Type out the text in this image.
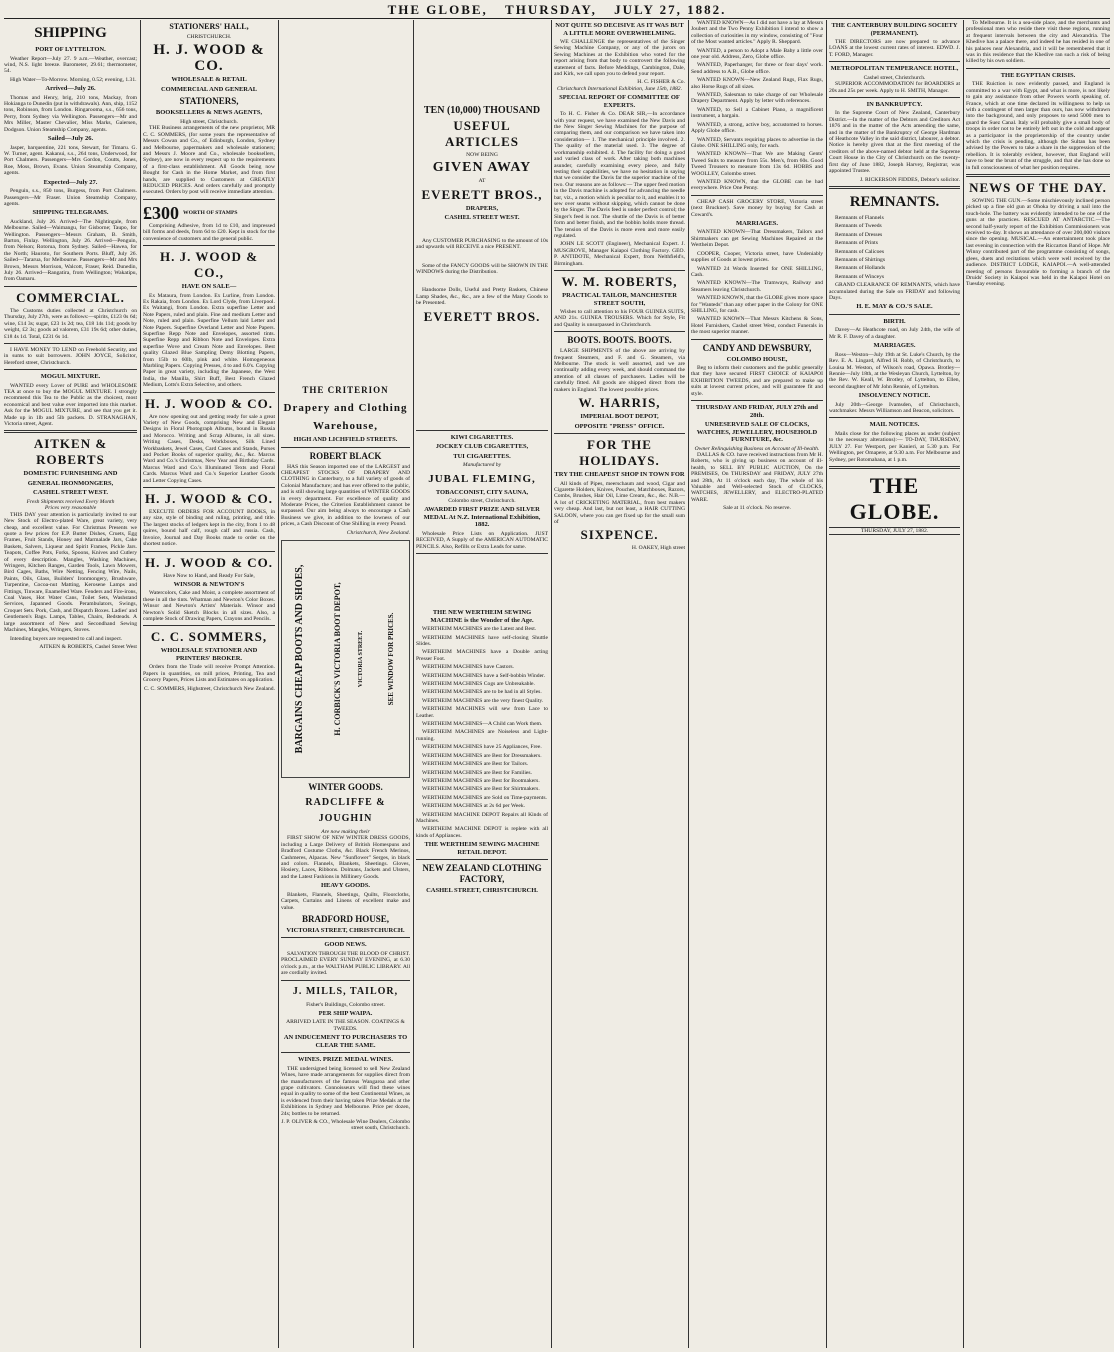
THE GLOBE, THURSDAY, JULY 27, 1882.
SHIPPING
PORT OF LYTTELTON.

Weather Report—July 27. 9 a.m.—Weather, overcast; wind, N.S. light breeze. Barometer, 29.61; thermometer, 54.

High Water—To-Morrow. Morning, 0.52; evening, 1.31.

Arrived—July 26.

Thomas and Henry, brig, 210 tons, Mackay, from Hokianga to Dunedin (put in withdrawals). Ann, ship, 1152 tons, Robinson, from London. Ringarooma, s.s., 656 tons, Perry, from Sydney via Wellington. Passengers—Mr and Mrs Miller, Master Chevalier, Miss Marks, Gaiersen, Dodgson. Union Steamship Company, agents.

Sailed—July 26.

Jasper, barquentine, 221 tons, Stewart, for Timaru. G. W. Turner, agent. Kakanui, s.s., 264 tons, Underwood, for Port Chalmers. Passengers—Mrs Gordon, Coutts, Jones, Roe, Moss, Brown, Evans. Union Steamship Company, agents.

Expected—July 27.

Penguin, s.s., 850 tons, Burgess, from Port Chalmers. Passengers—Mr Fraser. Union Steamship Company, agents.

SHIPPING TELEGRAMS.

Auckland, July 26. Arrived—The Nightingale, from Melbourne. Sailed—Waimangu, for Gisborne; Taupo, for Wellington. Passengers—Messrs Graham, B. Smith, Barton, Finlay. Wellington, July 26. Arrived—Penguin, from Nelson; Rotorua, from Sydney. Sailed—Hawea, for the North; Hauroto, for Southern Ports. Bluff, July 26. Sailed—Tararua, for Melbourne. Passengers—Mr and Mrs Brown, Messrs Morrison, Walcott, Fraser, Reid. Dunedin, July 26. Arrived—Rangatira, from Wellington; Wakatipu, from Oamaru.

COMMERCIAL.

The Customs duties collected at Christchurch on Thursday, July 27th, were as follows:—spirits, £123 0s 6d; wine, £14 3s; sugar, £23 1s 2d; tea, £18 14s 11d; goods by weight, £2 3s; goods ad valorem, £31 19s 6d; other duties, £18 4s 1d. Total, £231 6s 1d.

I HAVE MONEY TO LEND on Freehold Security, and in sums to suit borrowers. JOHN JOYCE, Solicitor, Hereford street, Christchurch.

MOGUL MIXTURE.

WANTED every Lover of PURE and WHOLESOME TEA at once to buy the MOGUL MIXTURE. I strongly recommend this Tea to the Public as the choicest, most economical and best value ever imported into this market. Ask for the MOGUL MIXTURE, and see that you get it. Made up in 1lb and 5lb packets. D. STRANAGHAN, Victoria street, Agent.

AITKEN & ROBERTS
DOMESTIC FURNISHING AND
GENERAL IRONMONGERS,
CASHEL STREET WEST.
Fresh Shipments received Every Month
Prices very reasonable

THIS DAY your attention is particularly invited to our New Stock of Electro-plated Ware, great variety, very cheap, and excellent value. For Christmas Presents we quote a few prices for E.P. Butter Dishes, Cruets, Egg Frames, Fruit Stands, Honey and Marmalade Jars, Cake Baskets, Salvers, Liqueur and Spirit Frames, Pickle Jars. Teapots, Coffee Pots, Forks, Spoons, Knives and Cutlery of every description. Mangles, Washing Machines, Wringers, Kitchen Ranges, Garden Tools, Lawn Mowers, Bird Cages, Baths, Wire Netting, Fencing Wire, Nails, Paints, Oils, Glass, Builders' Ironmongery, Brushware, Turpentine, Cocoa-nut Matting, Kerosene Lamps and Fittings, Tinware, Enamelled Ware. Fenders and Fire-irons, Coal Vases, Hot Water Cans, Toilet Sets, Washstand Services, Japanned Goods. Perambulators, Swings, Croquet Sets. Pork, Cash, and Dispatch Boxes. Ladies' and Gentlemen's Bags. Lamps, Tables, Chairs, Bedsteads. A large assortment of New and Secondhand Sewing Machines, Mangles, Wringers, Stoves.

Intending buyers are requested to call and inspect.

AITKEN & ROBERTS, Cashel Street West
STATIONERS' HALL,
CHRISTCHURCH.
H. J. WOOD & CO.
WHOLESALE & RETAIL
COMMERCIAL AND GENERAL
STATIONERS,
BOOKSELLERS & NEWS AGENTS,
High street, Christchurch.

THE Business arrangements of the new proprietor, MR C. C. SOMMERS, (for some years the representative of Messrs Cowan and Co., of Edinburgh, London, Sydney and Melbourne, papermakers and wholesale stationers; and Messrs J. Moore and Co., wholesale booksellers, Sydney), are now in every respect up to the requirements of a first-class establishment. All Goods being now Bought for Cash in the Home Market, and from first hands, are supplied to Customers at GREATLY REDUCED PRICES. And orders carefully and promptly executed. Orders by post will receive immediate attention.

£300 WORTH OF STAMPS

Comprising Adhesive, from 1d to £10, and impressed bill forms and deeds, from 6d to £20. Kept in stock for the convenience of customers and the general public.

H. J. WOOD & CO.,
HAVE ON SALE—

Ex Mataura, from London. Ex Lurline, from London. Ex Rakaia, from London. Ex Lord Clyde, from Liverpool. Ex Waitangi, from London. Extra superfine Letter and Note Papers, ruled and plain. Fine and medium Letter and Note, ruled and plain. Superfine Vellum laid Letter and Note Papers. Superfine Overland Letter and Note Papers. Superfine Repp Note and Envelopes, assorted tints. Superfine Repp and Ribbon Note and Envelopes. Extra superfine Wove and Cream Note and Envelopes. Best quality Glazed Blue Sampling Demy Blotting Papers, from 15lb to 60lb, pink and white. Homogeneous Marbling Papers. Copying Presses, 4 to and 6.0's. Copying Paper in great variety, including the Japanese, the West India, the Manilla, Shirt Buff, Best French Glazed Medium, Lotts's Extra Selective, and others.

H. J. WOOD & CO.

Are now opening out and getting ready for sale a great Variety of New Goods, comprising New and Elegant Designs in Floral Photograph Albums, bound in Russia and Morocco. Writing and Scrap Albums, in all sizes. Writing Cases, Desks, Workboxes, Silk Lined Workbaskets, Jewel Cases, Card Cases and Stands, Purses and Pocket Books of superior quality, &c., &c. Marcus Ward and Co.'s Christmas, New Year and Birthday Cards. Marcus Ward and Co.'s Illuminated Texts and Floral Cards. Marcus Ward and Co.'s Superior Leather Goods and Letter Copying Cases.

H. J. WOOD & CO.

EXECUTE ORDERS FOR ACCOUNT BOOKS, in any size, style of binding and ruling, printing, and title. The largest stocks of ledgers kept in the city, from 1 to 48 quires, bound half calf, rough calf and russia. Cash, Invoice, Journal and Day Books made to order on the shortest notice.

H. J. WOOD & CO.
Have Now to Hand, and Ready For Sale,
WINSOR & NEWTON'S

Watercolors, Cake and Moist, a complete assortment of these in all the tints. Whatman and Newton's Color Boxes. Winsor and Newton's Artists' Materials. Winsor and Newton's Solid Sketch Blocks in all sizes. Also, a complete Stock of Drawing Papers, Crayons and Pencils.

C. C. SOMMERS,
WHOLESALE STATIONER AND PRINTERS' BROKER.

Orders from the Trade will receive Prompt Attention. Papers in quantities, on mill prices, Printing, Tea and Grocery Papers, Prices Lists and Estimates on application.

C. C. SOMMERS, Highstreet, Christchurch New Zealand.
THE CRITERION
Drapery and Clothing
Warehouse,
HIGH AND LICHFIELD STREETS.
ROBERT BLACK

HAS this Season imported one of the LARGEST and CHEAPEST STOCKS OF DRAPERY AND CLOTHING in Canterbury, to a full variety of goods of Colonial Manufacture; and has ever offered to the public, and is still showing large quantities of WINTER GOODS in every department. For excellence of quality and Moderate Prices, the Criterion Establishment cannot be surpassed. Our aim being always to encourage a Cash Business we give, in addition to the lowness of our prices, a Cash Discount of One Shilling in every Pound.

Christchurch, New Zealand.
BARGAINS CHEAP BOOTS AND SHOES,	H. CORBICK'S VICTORIA BOOT DEPOT,	VICTORIA STREET.	SEE WINDOW FOR PRICES.
WINTER GOODS.
RADCLIFFE & JOUGHIN
Are now making their

FIRST SHOW OF NEW WINTER DRESS GOODS, including a Large Delivery of British Homespuns and Bradford Costume Cloths, &c. Black French Merinos, Cashmeres, Alpacas. New "Sunflower" Serges, in black and colors. Flannels, Blankets, Sheetings. Gloves, Hosiery, Laces, Ribbons. Dolmans, Jackets and Ulsters, and the Latest Fashions in Millinery Goods.

HEAVY GOODS.

Blankets, Flannels, Sheetings, Quilts, Floorcloths, Carpets, Curtains and Linens of excellent make and value.

BRADFORD HOUSE,
VICTORIA STREET, CHRISTCHURCH.
GOOD NEWS.

SALVATION THROUGH THE BLOOD OF CHRIST. PROCLAIMED EVERY SUNDAY EVENING, at 6.30 o'clock p.m., at the WALTHAM PUBLIC LIBRARY. All are cordially invited.

J. MILLS, TAILOR,
Fisher's Buildings, Colombo street.
PER SHIP WAIPA.
ARRIVED LATE IN THE SEASON. COATINGS & TWEEDS.
AN INDUCEMENT TO PURCHASERS TO CLEAR THE SAME.
WINES. PRIZE MEDAL WINES.

THE undersigned being licensed to sell New Zealand Wines, have made arrangements for supplies direct from the manufacturers of the famous Wangaroa and other grape cultivators. Connoisseurs will find these wines equal in quality to some of the best Continental Wines, as is evidenced from their having taken Prize Medals at the Exhibitions in Sydney and Melbourne. Price per dozen, 24s; bottles to be returned.

J. P. OLIVER & CO., Wholesale Wine Dealers, Colombo street south, Christchurch.
TEN (10,000) THOUSAND
USEFUL ARTICLES
NOW BEING
GIVEN AWAY
AT
EVERETT BROS.,
DRAPERS,
CASHEL STREET WEST.

Any CUSTOMER PURCHASING to the amount of 10s and upwards will RECEIVE a nice PRESENT.

Some of the FANCY GOODS will be SHOWN IN THE WINDOWS during the Distribution.

Handsome Dolls, Useful and Pretty Baskets, Chinese Lamp Shades, &c., &c., are a few of the Many Goods to be Presented.

EVERETT BROS.
KIWI CIGARETTES.
JOCKEY CLUB CIGARETTES,
TUI CIGARETTES.
Manufactured by
JUBAL FLEMING,
TOBACCONIST, CITY SAUNA,
Colombo street, Christchurch.
AWARDED FIRST PRIZE AND SILVER MEDAL At N.Z. International Exhibition, 1882.

Wholesale Price Lists on Application. JUST RECEIVED, A Supply of the AMERICAN AUTOMATIC PENCILS. Also, Refills or Extra Leads for same.

THE NEW WERTHEIM SEWING MACHINE is the Wonder of the Age.

WERTHEIM MACHINES are the Latest and Best.

WERTHEIM MACHINES have self-closing Shuttle Slides.

WERTHEIM MACHINES have a Double acting Presser Foot.

WERTHEIM MACHINES have Castors.

WERTHEIM MACHINES have a Self-bobbin Winder.

WERTHEIM MACHINES Cogs are Unbreakable.

WERTHEIM MACHINES are to be had in all Styles.

WERTHEIM MACHINES are the very finest Quality.

WERTHEIM MACHINES will sew from Lace to Leather.

WERTHEIM MACHINES—A Child can Work them.

WERTHEIM MACHINES are Noiseless and Light-running.

WERTHEIM MACHINES have 25 Appliances, Free.

WERTHEIM MACHINES are Best for Dressmakers.

WERTHEIM MACHINES are Best for Tailors.

WERTHEIM MACHINES are Best for Families.

WERTHEIM MACHINES are Best for Bootmakers.

WERTHEIM MACHINES are Best for Shirtmakers.

WERTHEIM MACHINES are Sold on Time-payments.

WERTHEIM MACHINES at 2s 6d per Week.

WERTHEIM MACHINE DEPOT Repairs all Kinds of Machines.

WERTHEIM MACHINE DEPOT is replete with all kinds of Appliances.

THE WERTHEIM SEWING MACHINE RETAIL DEPOT.
NEW ZEALAND CLOTHING FACTORY,
CASHEL STREET, CHRISTCHURCH.
NOT QUITE SO DECISIVE AS IT WAS BUT A LITTLE MORE OVERWHELMING.

WE CHALLENGE the representatives of the Singer Sewing Machine Company, or any of the jurors on Sewing Machines at the Exhibition who voted for the report arising from that body to controvert the following statement of facts. Before Meddings, Cambington, Dale, and Kirk, we call upon you to defend your report.

H. C. FISHER & Co.
Christchurch International Exhibition, June 15th, 1882.
SPECIAL REPORT OF COMMITTEE OF EXPERTS.

To H. C. Fisher & Co. DEAR SIR,—In accordance with your request, we have examined the New Davis and the New Singer Sewing Machines for the purpose of comparing them, and our comparison we have taken into consideration— 1. The mechanical principle involved. 2. The quality of the material used. 3. The degree of workmanship exhibited. 4. The facility for doing a good and varied class of work. After taking both machines asunder, carefully examining every piece, and fully testing their capabilities, we have no hesitation in saying that we consider the Davis far the superior machine of the two. Our reasons are as follows:— The upper feed motion in the Davis machine is adopted for advancing the needle bar, viz., a motion which is peculiar to it, and enables it to sew over seams without skipping, which cannot be done by the Singer. The Davis feed is under perfect control; the Singer's feed is not. The shuttle of the Davis is of better form and better finish, and the bobbin holds more thread. The tension of the Davis is more even and more easily regulated.

JOHN LE SCOTT (Engineer), Mechanical Expert. J. MUSGROVE, Manager Kaiapoi Clothing Factory. GEO. P. ANTIDOTE, Mechanical Expert, from Nelthfield's, Birmingham.

W. M. ROBERTS,
PRACTICAL TAILOR, MANCHESTER STREET SOUTH,

Wishes to call attention to his FOUR GUINEA SUITS, AND 21s. GUINEA TROUSERS. Which for Style, Fit and Quality is unsurpassed in Christchurch.

BOOTS. BOOTS. BOOTS.

LARGE SHIPMENTS of the above are arriving by frequent Steamers, and F. and G. Steamers, via Melbourne. The stock is well assorted, and we are continually adding every week, and should command the attention of all classes of purchasers. Ladies will be carefully fitted. All goods are shipped direct from the makers in England. The lowest possible prices.

W. HARRIS,
IMPERIAL BOOT DEPOT,
OPPOSITE "PRESS" OFFICE.
FOR THE HOLIDAYS.
TRY THE CHEAPEST SHOP IN TOWN FOR

All kinds of Pipes, meerschaum and wood, Cigar and Cigarette Holders, Knives, Pouches, Matchboxes, Razors, Combs, Brushes, Hair Oil, Lime Cream, &c., &c. N.B.—A lot of CRICKETING MATERIAL, from best makers very cheap. And last, but not least, a HAIR CUTTING SALOON, where you can get fixed up for the small sum of

SIXPENCE.
H. OAKEY, High street

WANTED KNOWN—As I did not have a lay at Messrs Joubert and the Two Penny Exhibition I intend to show a collection of curiosities in my window, consisting of "Four of the Most wanted articles." Apply R. Sheppard.

WANTED, a person to Adopt a Male Baby a little over one year old. Address, Zero, Globe office.

WANTED, Paperhanger, for three or four days' work. Send address to A.B., Globe office.

WANTED KNOWN—New Zealand Rugs, Flax Rugs, also Horse Rugs of all sizes.

WANTED, Salesman to take charge of our Wholesale Drapery Department. Apply by letter with references.

WANTED, to Sell a Cabinet Piano, a magnificent instrument, a bargain.

WANTED, a strong, active boy, accustomed to horses. Apply Globe office.

WANTED, Servants requiring places to advertise in the Globe. ONE SHILLING only, for each.

WANTED KNOWN—That We are Making Gents' Tweed Suits to measure from 55s. Men's, from 60s. Good Tweed Trousers to measure from 13s 6d. HOBBS and WOOLLEY, Colombo street.

WANTED KNOWN, that the GLOBE can be had everywhere. Price One Penny.

CHEAP CASH GROCERY STORE, Victoria street (next Bruckner). Save money by buying for Cash at Coward's.

MARRIAGES.

WANTED KNOWN—That Dressmakers, Tailors and Shirtmakers can get Sewing Machines Repaired at the Wertheim Depot.

COOPER, Cooper, Victoria street, have Undeniably supplies of Goods at lowest prices.

WANTED 24 Words Inserted for ONE SHILLING, Cash.

WANTED KNOWN—The Tramways, Railway and Steamers leaving Christchurch.

WANTED KNOWN, that the GLOBE gives more space for "Wanteds" than any other paper in the Colony for ONE SHILLING, for cash.

WANTED KNOWN—That Messrs Kitchens & Sons, Hotel Furnishers, Cashel street West, conduct Funerals in the most superior manner.

CANDY AND DEWSBURY,
COLOMBO HOUSE,

Beg to inform their customers and the public generally that they have secured FIRST CHOICE of KAIAPOI EXHIBITION TWEEDS, and are prepared to make up suits at lowest current prices, and will guarantee fit and style.

THURSDAY AND FRIDAY, JULY 27th and 28th.
UNRESERVED SALE OF CLOCKS, WATCHES, JEWELLERY, HOUSEHOLD FURNITURE, &c.
Owner Relinquishing Business on Account of Ill-health.

DALLAS & CO. have received instructions from Mr H. Roberts, who is giving up business on account of ill-health, to SELL BY PUBLIC AUCTION, On the PREMISES, On THURSDAY and FRIDAY, JULY 27th and 28th, At 11 o'clock each day, The whole of his Valuable and Well-selected Stock of CLOCKS, WATCHES, JEWELLERY, and ELECTRO-PLATED WARE.

Sale at 11 o'clock. No reserve.
THE CANTERBURY BUILDING SOCIETY (PERMANENT).

THE DIRECTORS are now prepared to advance LOANS at the lowest current rates of interest. EDWD. J. T. FORD, Manager.

METROPOLITAN TEMPERANCE HOTEL,
Cashel street, Christchurch.

SUPERIOR ACCOMMODATION for BOARDERS at 20s and 25s per week. Apply to H. SMITH, Manager.

IN BANKRUPTCY.

In the Supreme Court of New Zealand, Canterbury District.—In the matter of the Debtors and Creditors Act 1876 and in the matter of the Acts amending the same, and in the matter of the Bankruptcy of George Hardman of Heathcote Valley in the said district, labourer, a debtor. Notice is hereby given that at the first meeting of the creditors of the above-named debtor held at the Supreme Court House in the City of Christchurch on the twenty-first day of June 1882, Joseph Harvey, Registrar, was appointed Trustee.

J. RICKERSON FIDDES, Debtor's solicitor.
REMNANTS.

Remnants of Flannels

Remnants of Tweeds

Remnants of Dresses

Remnants of Prints

Remnants of Calicoes

Remnants of Shirtings

Remnants of Hollands

Remnants of Winceys

GRAND CLEARANCE OF REMNANTS, which have accumulated during the Sale on FRIDAY and following Days.

H. E. MAY & CO.'S SALE.
BIRTH.

Davey—At Heathcote road, on July 24th, the wife of Mr R. F. Davey of a daughter.

MARRIAGES.

Ross—Weston—July 19th at St. Luke's Church, by the Rev. E. A. Lingard, Alfred H. Robb, of Christchurch, to Louisa M. Weston, of Wilson's road, Opawa. Brotley—Rennie—July 18th, at the Wesleyan Church, Lyttelton, by the Rev. W. Keall, W. Brotley, of Lyttelton, to Ellen, second daughter of Mr John Rennie, of Lyttelton.

INSOLVENCY NOTICE.

July 20th—George Ivamsden, of Christchurch, watchmaker. Messrs Williamson and Beacon, solicitors.

MAIL NOTICES.

Mails close for the following places as under (subject to the necessary alterations):— TO-DAY, THURSDAY, JULY 27. For Westport, per Kanieri, at 5.30 p.m. For Wellington, per Omapere, at 9.30 a.m. For Melbourne and Sydney, per Rotomahana, at 1 p.m.

THE GLOBE.
THURSDAY, JULY 27, 1882.

To Melbourne. It is a sea-side place, and the merchants and professional men who reside there visit these regions, running at frequent intervals between the city and Alexandria. The Khedive has a palace there, and indeed he has resided in one of his palaces near Alexandria, and it will be remembered that it was in this residence that the Khedive ran such a risk of being killed by his own soldiers.

THE EGYPTIAN CRISIS.

THE Ruiction is now evidently passed, and England is committed to a war with Egypt, and what is more, is not likely to gain any assistance from other Powers worth speaking of. France, which at one time declared its willingness to help us with a contingent of men larger than ours, has now withdrawn into the background, and only proposes to send 5000 men to guard the Suez Canal. Italy will probably give a small body of troops in order not to be entirely left out in the cold and appear as a participator in the proprietorship of the country under which the crisis is pending, although the Sultan has been advised by the Powers to take a share in the suppression of the rebellion. It is tolerably evident, however, that England will have to bear the brunt of the struggle, and that she has done so in full consciousness of what her position requires.

NEWS OF THE DAY.

SOWING THE GUN.—Some mischievously inclined person picked up a fine old gun at Ohoka by driving a nail into the touch-hole. The battery was evidently intended to be one of the guns at the practices. RESCUED AT ANTARCTIC.—The second half-yearly report of the Exhibition Commissioners was received to-day. It shows an attendance of over 200,000 visitors since the opening. MUSICAL.—An entertainment took place last evening in connection with the Riccarton Band of Hope. Mr Winny contributed part of the programme consisting of songs, glees, duets and recitations which were well received by the audience. DISTRICT LODGE, KAIAPOI.—A well-attended meeting of persons favourable to forming a branch of the Druids' Society in Kaiapoi was held in the Kaiapoi Hotel on Tuesday evening.
